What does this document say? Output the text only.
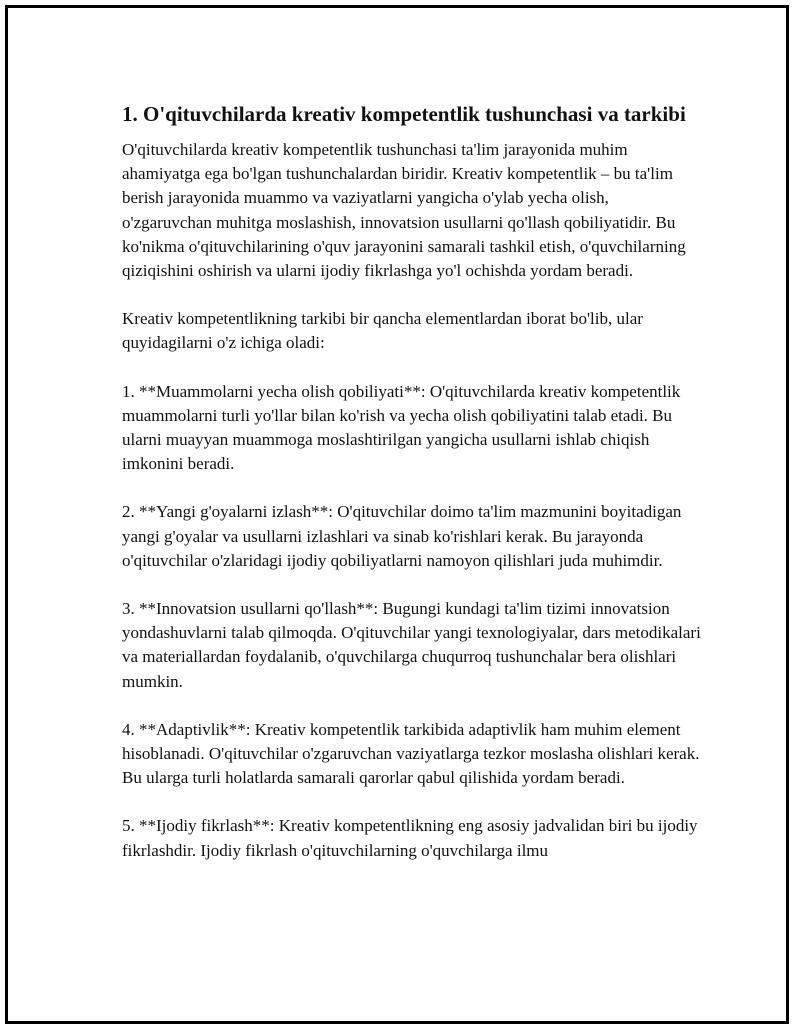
1. O'qituvchilarda kreativ kompetentlik tushunchasi va tarkibi

O'qituvchilarda kreativ kompetentlik tushunchasi ta'lim jarayonida muhim ahamiyatga ega bo'lgan tushunchalardan biridir. Kreativ kompetentlik – bu ta'lim berish jarayonida muammo va vaziyatlarni yangicha o'ylab yecha olish, o'zgaruvchan muhitga moslashish, innovatsion usullarni qo'llash qobiliyatidir. Bu ko'nikma o'qituvchilarining o'quv jarayonini samarali tashkil etish, o'quvchilarning qiziqishini oshirish va ularni ijodiy fikrlashga yo'l ochishda yordam beradi.

Kreativ kompetentlikning tarkibi bir qancha elementlardan iborat bo'lib, ular quyidagilarni o'z ichiga oladi:

1. **Muammolarni yecha olish qobiliyati**: O'qituvchilarda kreativ kompetentlik muammolarni turli yo'llar bilan ko'rish va yecha olish qobiliyatini talab etadi. Bu ularni muayyan muammoga moslashtirilgan yangicha usullarni ishlab chiqish imkonini beradi.

2. **Yangi g'oyalarni izlash**: O'qituvchilar doimo ta'lim mazmunini boyitadigan yangi g'oyalar va usullarni izlashlari va sinab ko'rishlari kerak. Bu jarayonda o'qituvchilar o'zlaridagi ijodiy qobiliyatlarni namoyon qilishlari juda muhimdir.

3. **Innovatsion usullarni qo'llash**: Bugungi kundagi ta'lim tizimi innovatsion yondashuvlarni talab qilmoqda. O'qituvchilar yangi texnologiyalar, dars metodikalari va materiallardan foydalanib, o'quvchilarga chuqurroq tushunchalar bera olishlari mumkin.

4. **Adaptivlik**: Kreativ kompetentlik tarkibida adaptivlik ham muhim element hisoblanadi. O'qituvchilar o'zgaruvchan vaziyatlarga tezkor moslasha olishlari kerak. Bu ularga turli holatlarda samarali qarorlar qabul qilishida yordam beradi.

5. **Ijodiy fikrlash**: Kreativ kompetentlikning eng asosiy jadvalidan biri bu ijodiy fikrlashdir. Ijodiy fikrlash o'qituvchilarning o'quvchilarga ilmu
